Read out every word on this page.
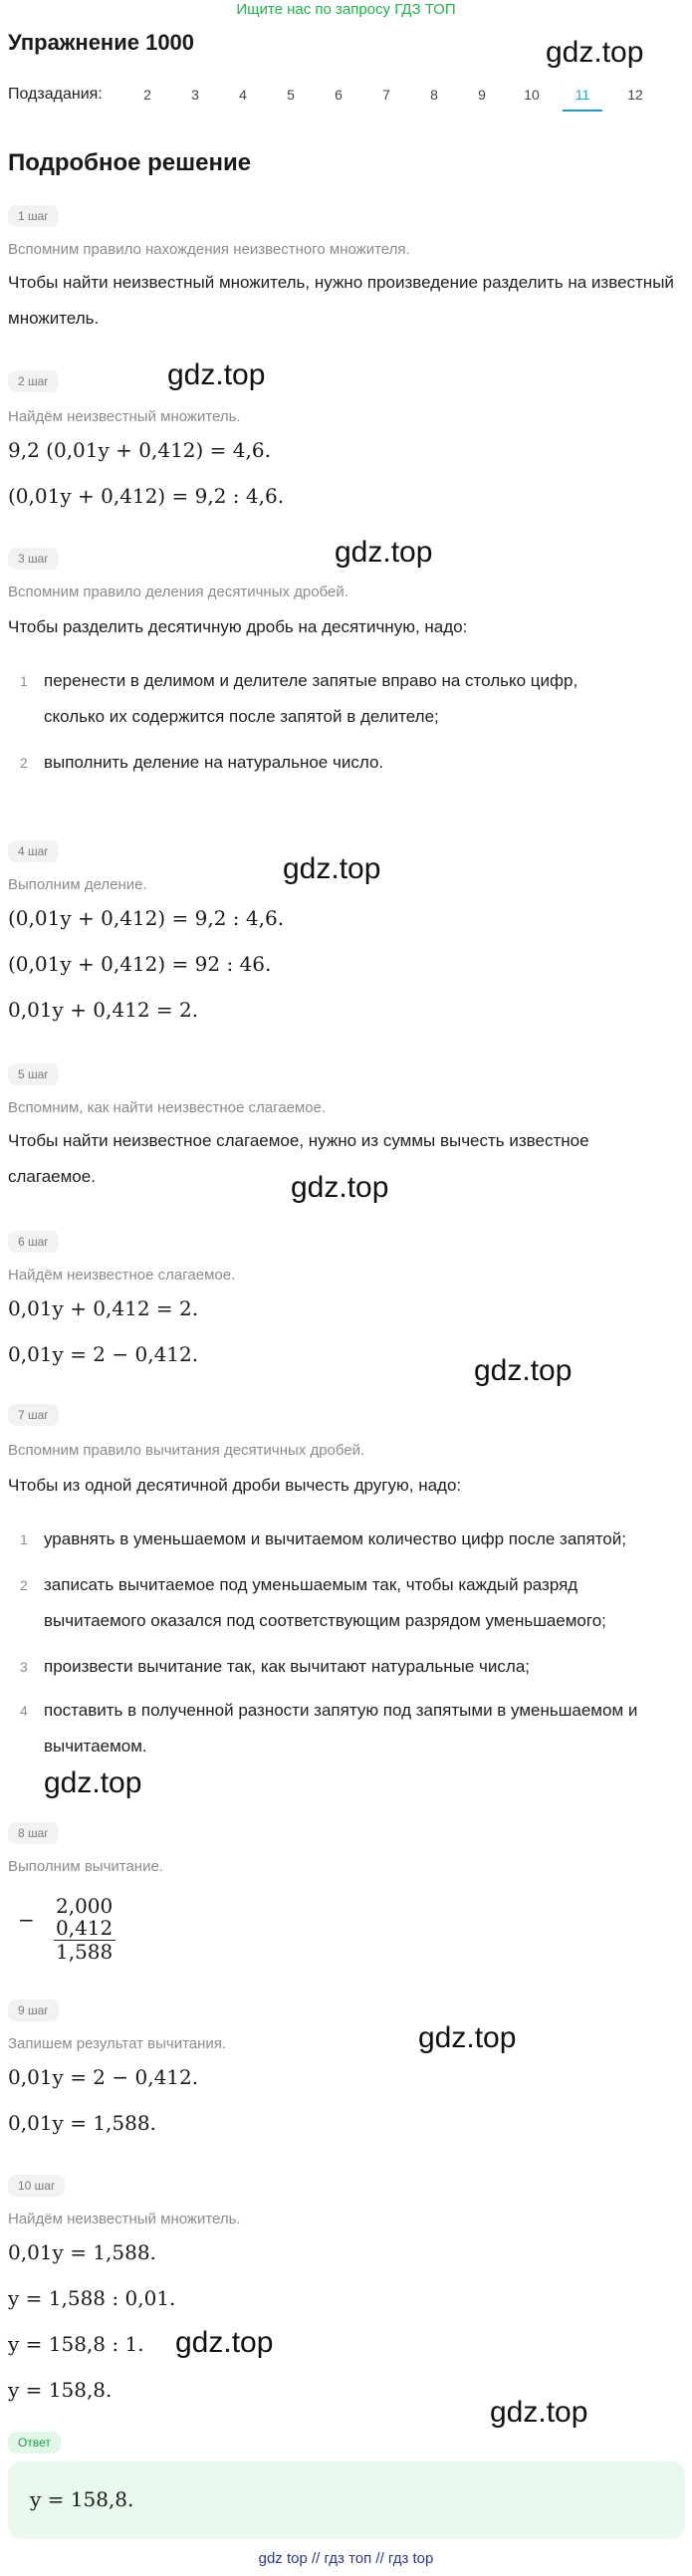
Ищите нас по запросу ГДЗ ТОП
Упражнение 1000	gdz.top
Подзадания:	2	3	4	5	6	7	8	9	10	11	12
Подробное решение
1 шаг
Вспомним правило нахождения неизвестного множителя.
Чтобы найти неизвестный множитель, нужно произведение разделить на известный множитель.
gdz.top
2 шаг
Найдём неизвестный множитель.
9,2 (0,01y + 0,412) = 4,6.
(0,01y + 0,412) = 9,2 : 4,6.
gdz.top
3 шаг
Вспомним правило деления десятичных дробей.
Чтобы разделить десятичную дробь на десятичную, надо:
1 перенести в делимом и делителе запятые вправо на столько цифр, сколько их содержится после запятой в делителе;
2 выполнить деление на натуральное число.
gdz.top
4 шаг
Выполним деление.
(0,01y + 0,412) = 9,2 : 4,6.
(0,01y + 0,412) = 92 : 46.
0,01y + 0,412 = 2.
5 шаг
Вспомним, как найти неизвестное слагаемое.
Чтобы найти неизвестное слагаемое, нужно из суммы вычесть известное слагаемое.	gdz.top
6 шаг
Найдём неизвестное слагаемое.
0,01y + 0,412 = 2.
0,01y = 2 − 0,412.	gdz.top
7 шаг
Вспомним правило вычитания десятичных дробей.
Чтобы из одной десятичной дроби вычесть другую, надо:
1 уравнять в уменьшаемом и вычитаемом количество цифр после запятой;
2 записать вычитаемое под уменьшаемым так, чтобы каждый разряд вычитаемого оказался под соответствующим разрядом уменьшаемого;
3 произвести вычитание так, как вычитают натуральные числа;
4 поставить в полученной разности запятую под запятыми в уменьшаемом и вычитаемом.
gdz.top
8 шаг
Выполним вычитание.
−
2,000
0,412
1,588
9 шаг
Запишем результат вычитания.	gdz.top
0,01y = 2 − 0,412.
0,01y = 1,588.
10 шаг
Найдём неизвестный множитель.
0,01y = 1,588.
y = 1,588 : 0,01.
gdz.top
y = 158,8 : 1.
y = 158,8.
gdz.top
Ответ
y = 158,8.
gdz top // гдз топ // гдз top
